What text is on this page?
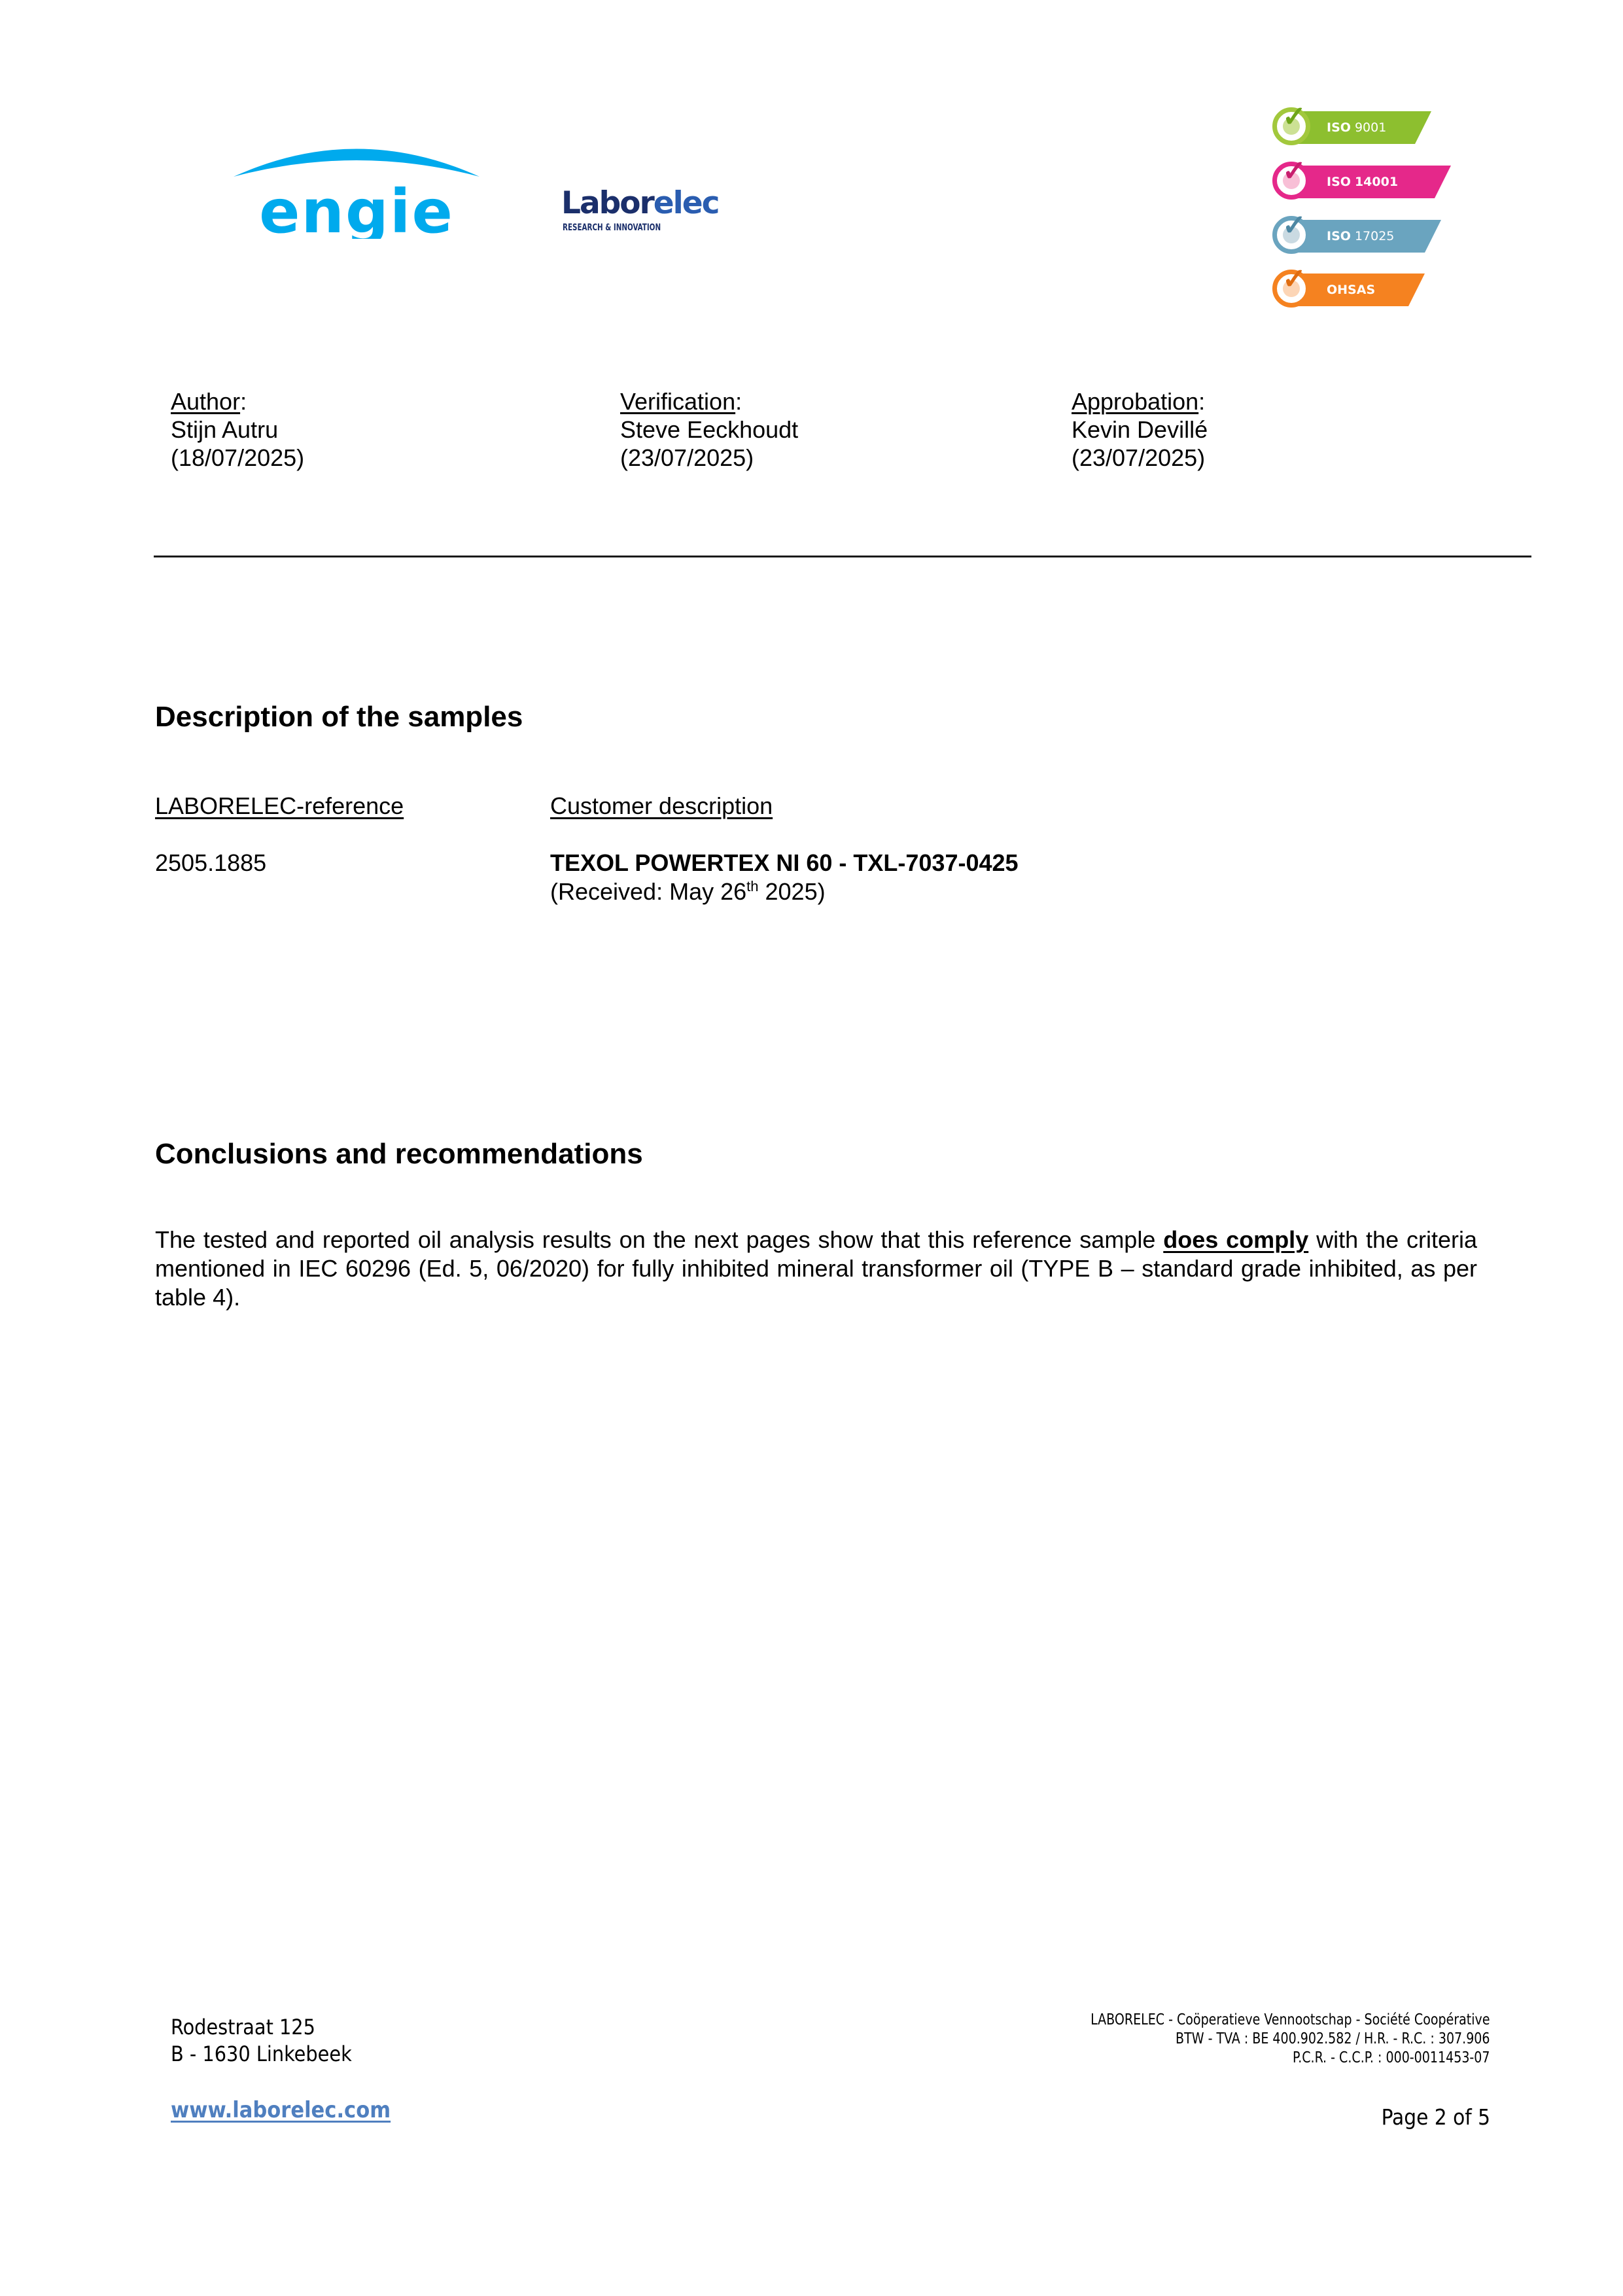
engie	Laborelec
RESEARCH & INNOVATION
✓ ISO 9001
✓ ISO 14001
✓ ISO 17025
✓ OHSAS
Author:
Stijn Autru
(18/07/2025)
Verification:
Steve Eeckhoudt
(23/07/2025)
Approbation:
Kevin Devillé
(23/07/2025)
Description of the samples
LABORELEC-reference	Customer description
2505.1885	TEXOL POWERTEX NI 60 - TXL-7037-0425
(Received: May 26th 2025)
Conclusions and recommendations
The tested and reported oil analysis results on the next pages show that this reference sample does comply with the criteria mentioned in IEC 60296 (Ed. 5, 06/2020) for fully inhibited mineral transformer oil (TYPE B – standard grade inhibited, as per table 4).
Rodestraat 125
B - 1630 Linkebeek
www.laborelec.com
LABORELEC - Coöperatieve Vennootschap - Société Coopérative
BTW - TVA : BE 400.902.582 / H.R. - R.C. : 307.906
P.C.R. - C.C.P. : 000-0011453-07
Page 2 of 5
